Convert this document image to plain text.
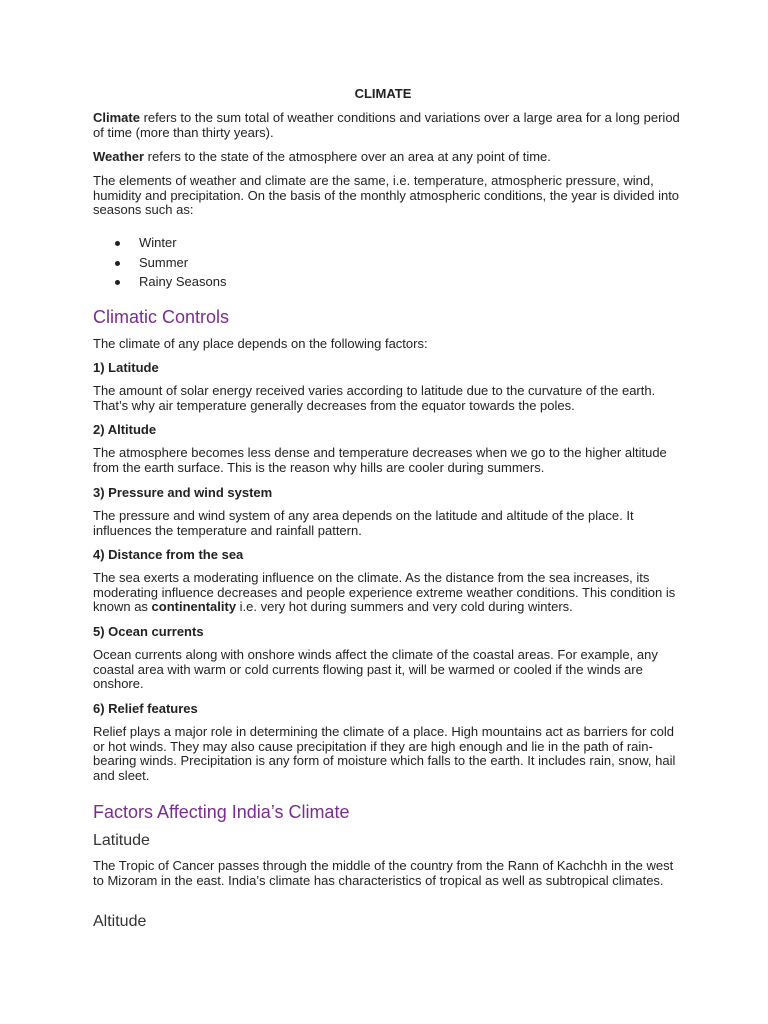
CLIMATE
Climate refers to the sum total of weather conditions and variations over a large area for a long period of time (more than thirty years).
Weather refers to the state of the atmosphere over an area at any point of time.
The elements of weather and climate are the same, i.e. temperature, atmospheric pressure, wind, humidity and precipitation. On the basis of the monthly atmospheric conditions, the year is divided into seasons such as:
Winter
Summer
Rainy Seasons
Climatic Controls
The climate of any place depends on the following factors:
1) Latitude
The amount of solar energy received varies according to latitude due to the curvature of the earth. That’s why air temperature generally decreases from the equator towards the poles.
2) Altitude
The atmosphere becomes less dense and temperature decreases when we go to the higher altitude from the earth surface. This is the reason why hills are cooler during summers.
3) Pressure and wind system
The pressure and wind system of any area depends on the latitude and altitude of the place. It influences the temperature and rainfall pattern.
4) Distance from the sea
The sea exerts a moderating influence on the climate. As the distance from the sea increases, its moderating influence decreases and people experience extreme weather conditions. This condition is known as continentality i.e. very hot during summers and very cold during winters.
5) Ocean currents
Ocean currents along with onshore winds affect the climate of the coastal areas. For example, any coastal area with warm or cold currents flowing past it, will be warmed or cooled if the winds are onshore.
6) Relief features
Relief plays a major role in determining the climate of a place. High mountains act as barriers for cold or hot winds. They may also cause precipitation if they are high enough and lie in the path of rain-bearing winds. Precipitation is any form of moisture which falls to the earth. It includes rain, snow, hail and sleet.
Factors Affecting India’s Climate
Latitude
The Tropic of Cancer passes through the middle of the country from the Rann of Kachchh in the west to Mizoram in the east. India’s climate has characteristics of tropical as well as subtropical climates.
Altitude
